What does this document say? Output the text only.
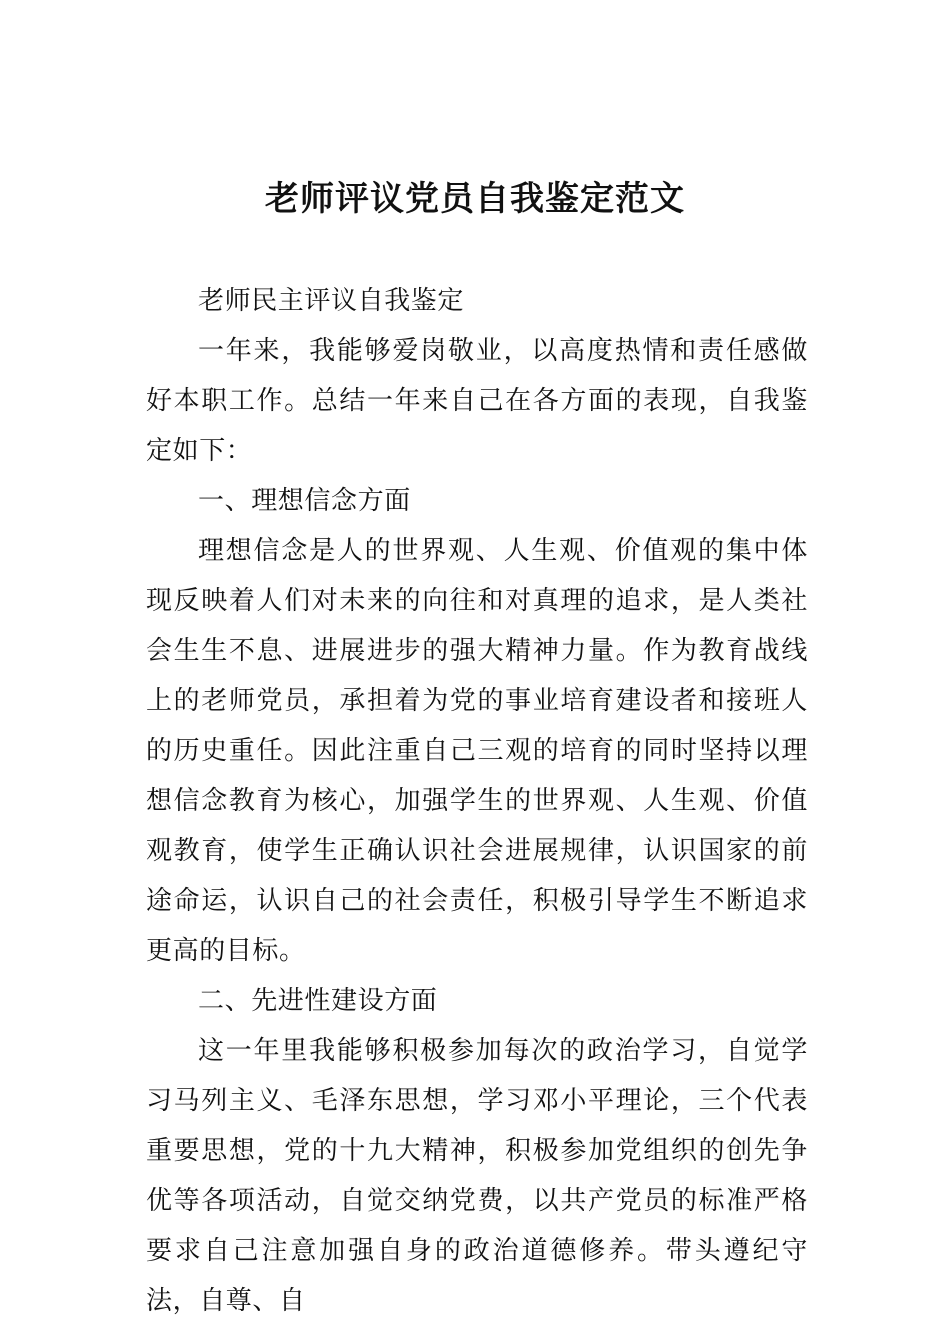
老师评议党员自我鉴定范文

老师民主评议自我鉴定

一年来，我能够爱岗敬业，以高度热情和责任感做好本职工作。总结一年来自己在各方面的表现，自我鉴定如下：

一、理想信念方面

理想信念是人的世界观、人生观、价值观的集中体现反映着人们对未来的向往和对真理的追求，是人类社会生生不息、进展进步的强大精神力量。作为教育战线上的老师党员，承担着为党的事业培育建设者和接班人的历史重任。因此注重自己三观的培育的同时坚持以理想信念教育为核心，加强学生的世界观、人生观、价值观教育，使学生正确认识社会进展规律，认识国家的前途命运，认识自己的社会责任，积极引导学生不断追求更高的目标。

二、先进性建设方面

这一年里我能够积极参加每次的政治学习，自觉学习马列主义、毛泽东思想，学习邓小平理论，三个代表重要思想，党的十九大精神，积极参加党组织的创先争优等各项活动，自觉交纳党费，以共产党员的标准严格要求自己注意加强自身的政治道德修养。带头遵纪守法，自尊、自
